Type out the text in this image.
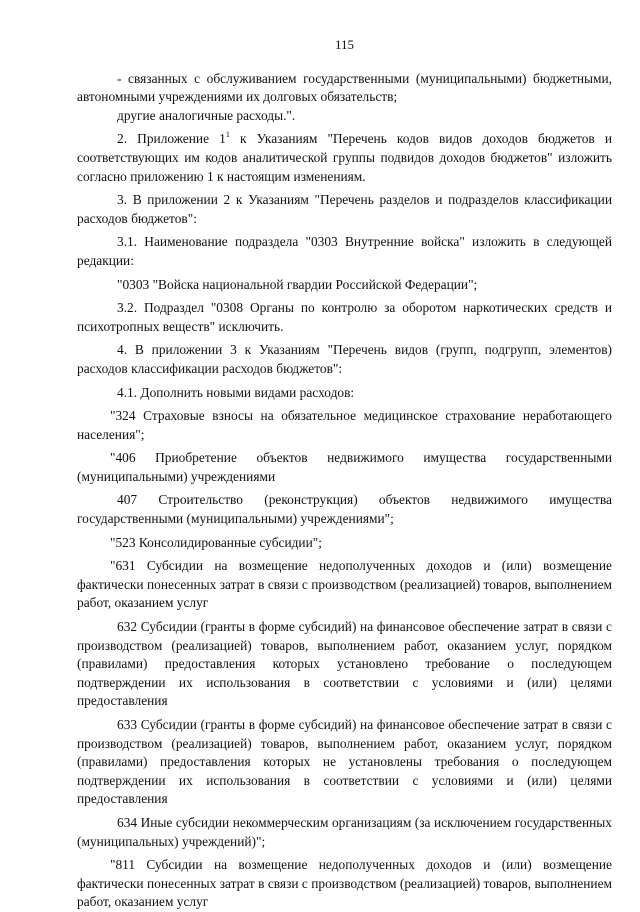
115

- связанных с обслуживанием государственными (муниципальными) бюджетными, автономными учреждениями их долговых обязательств;

другие аналогичные расходы.".

2. Приложение $1^1$ к Указаниям "Перечень кодов видов доходов бюджетов и соответствующих им кодов аналитической группы подвидов доходов бюджетов" изложить согласно приложению 1 к настоящим изменениям.

3. В приложении 2 к Указаниям "Перечень разделов и подразделов классификации расходов бюджетов":

3.1. Наименование подраздела "0303 Внутренние войска" изложить в следующей редакции:

"0303 "Войска национальной гвардии Российской Федерации";

3.2. Подраздел "0308 Органы по контролю за оборотом наркотических средств и психотропных веществ" исключить.

4. В приложении 3 к Указаниям "Перечень видов (групп, подгрупп, элементов) расходов классификации расходов бюджетов":

4.1. Дополнить новыми видами расходов:

"324 Страховые взносы на обязательное медицинское страхование неработающего населения";

"406 Приобретение объектов недвижимого имущества государственными (муниципальными) учреждениями

407 Строительство (реконструкция) объектов недвижимого имущества государственными (муниципальными) учреждениями";

"523 Консолидированные субсидии";

"631 Субсидии на возмещение недополученных доходов и (или) возмещение фактически понесенных затрат в связи с производством (реализацией) товаров, выполнением работ, оказанием услуг

632 Субсидии (гранты в форме субсидий) на финансовое обеспечение затрат в связи с производством (реализацией) товаров, выполнением работ, оказанием услуг, порядком (правилами) предоставления которых установлено требование о последующем подтверждении их использования в соответствии с условиями и (или) целями предоставления

633 Субсидии (гранты в форме субсидий) на финансовое обеспечение затрат в связи с производством (реализацией) товаров, выполнением работ, оказанием услуг, порядком (правилами) предоставления которых не установлены требования о последующем подтверждении их использования в соответствии с условиями и (или) целями предоставления

634 Иные субсидии некоммерческим организациям (за исключением государственных (муниципальных) учреждений)";

"811 Субсидии на возмещение недополученных доходов и (или) возмещение фактически понесенных затрат в связи с производством (реализацией) товаров, выполнением работ, оказанием услуг
